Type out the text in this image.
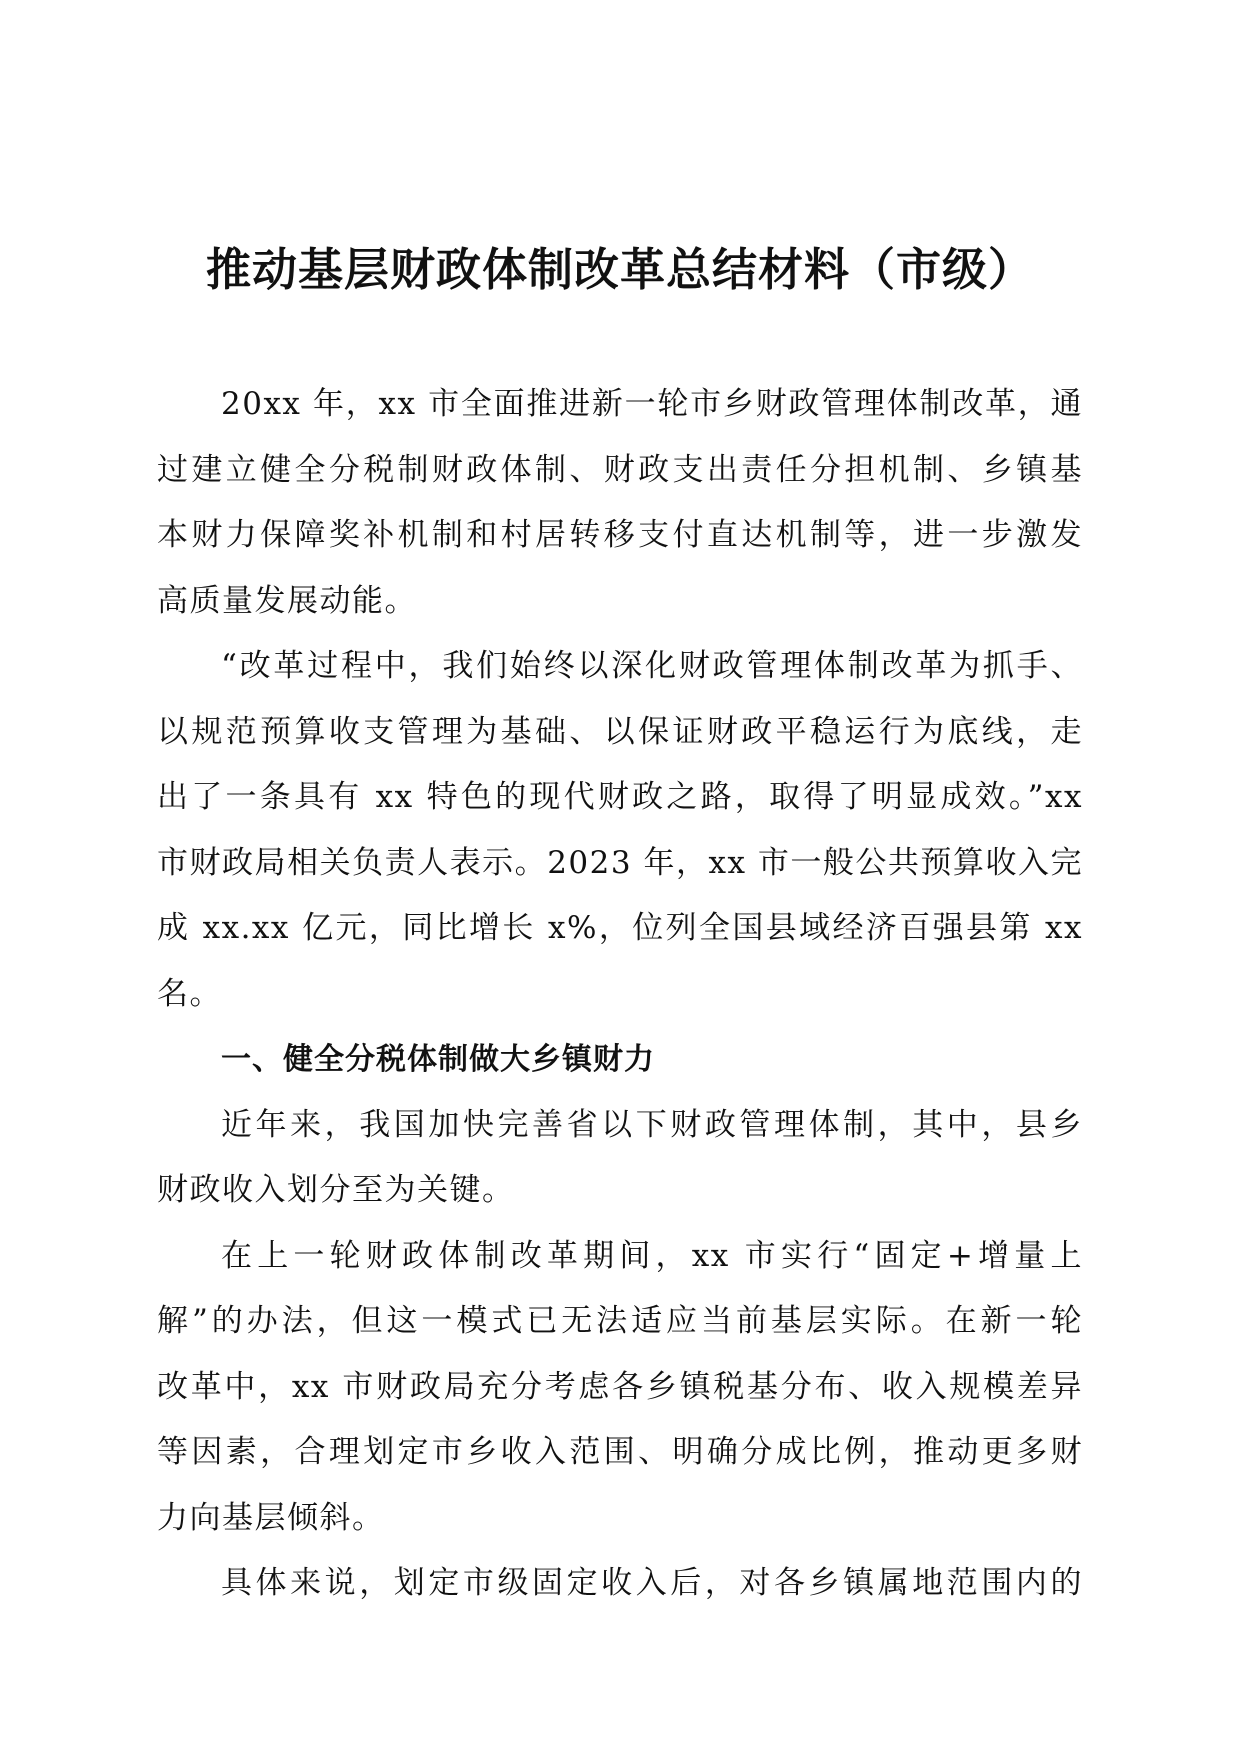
推动基层财政体制改革总结材料（市级）

20xx 年，xx 市全面推进新一轮市乡财政管理体制改革，通
过建立健全分税制财政体制、财政支出责任分担机制、乡镇基
本财力保障奖补机制和村居转移支付直达机制等，进一步激发
高质量发展动能。

“改革过程中，我们始终以深化财政管理体制改革为抓手、
以规范预算收支管理为基础、以保证财政平稳运行为底线，走
出了一条具有 xx 特色的现代财政之路，取得了明显成效。”xx
市财政局相关负责人表示。2023 年，xx 市一般公共预算收入完
成 xx.xx 亿元，同比增长 x%，位列全国县域经济百强县第 xx 名。

一、健全分税体制做大乡镇财力

近年来，我国加快完善省以下财政管理体制，其中，县乡
财政收入划分至为关键。

在上一轮财政体制改革期间，xx 市实行“固定+增量上
解”的办法，但这一模式已无法适应当前基层实际。在新一轮
改革中，xx 市财政局充分考虑各乡镇税基分布、收入规模差异
等因素，合理划定市乡收入范围、明确分成比例，推动更多财
力向基层倾斜。

具体来说，划定市级固定收入后，对各乡镇属地范围内的
